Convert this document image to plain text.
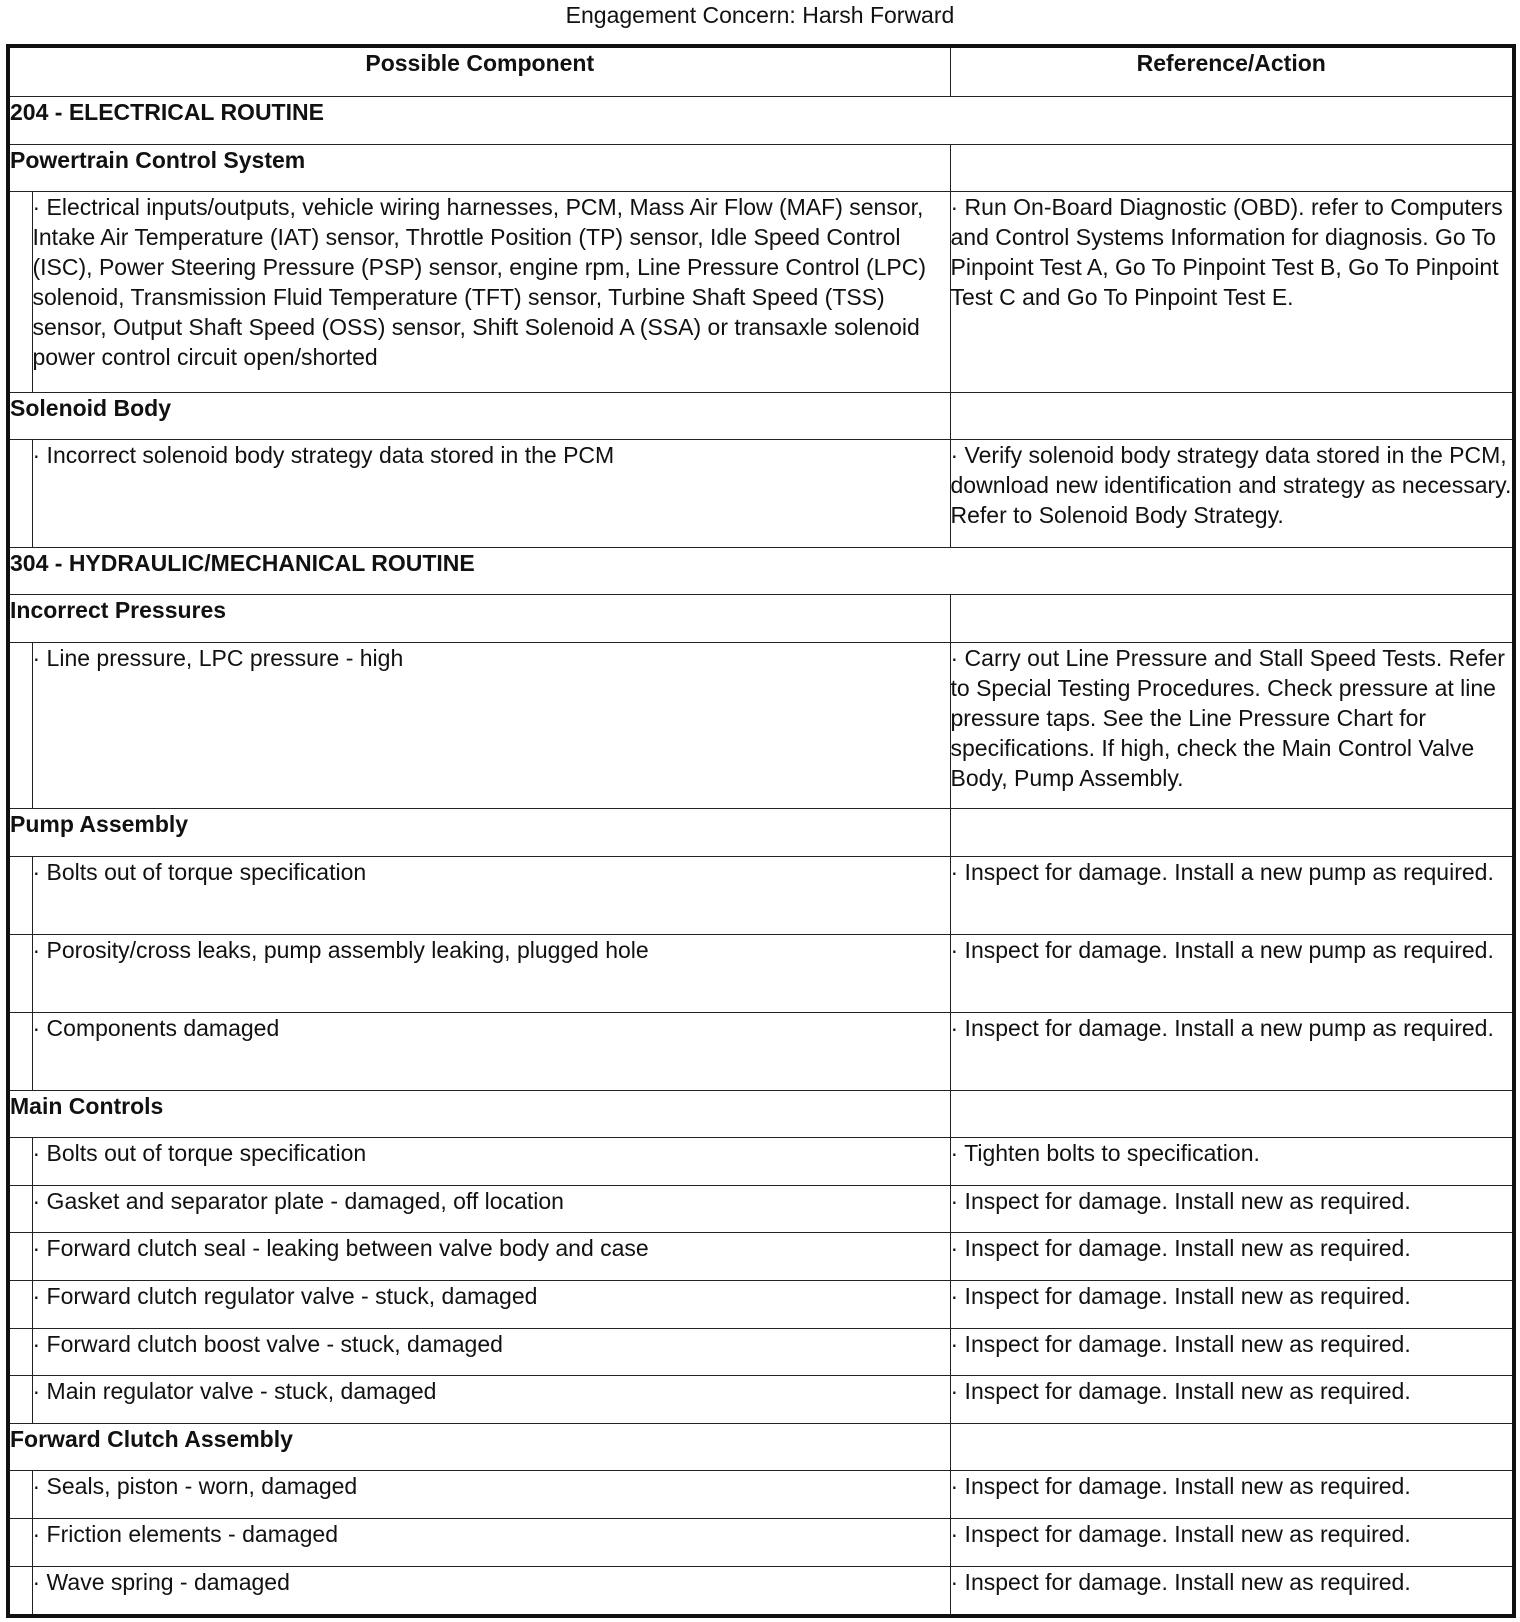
Engagement Concern: Harsh Forward
Possible Component		Reference/Action
204 - ELECTRICAL ROUTINE		
Powertrain Control System		
	· Electrical inputs/outputs, vehicle wiring harnesses, PCM, Mass Air Flow (MAF) sensor, Intake Air Temperature (IAT) sensor, Throttle Position (TP) sensor, Idle Speed Control (ISC), Power Steering Pressure (PSP) sensor, engine rpm, Line Pressure Control (LPC) solenoid, Transmission Fluid Temperature (TFT) sensor, Turbine Shaft Speed (TSS) sensor, Output Shaft Speed (OSS) sensor, Shift Solenoid A (SSA) or transaxle solenoid power control circuit open/shorted	· Run On-Board Diagnostic (OBD). refer to Computers and Control Systems Information for diagnosis. Go To Pinpoint Test A, Go To Pinpoint Test B, Go To Pinpoint Test C and Go To Pinpoint Test E.
Solenoid Body		
	· Incorrect solenoid body strategy data stored in the PCM	· Verify solenoid body strategy data stored in the PCM, download new identification and strategy as necessary. Refer to Solenoid Body Strategy.
304 - HYDRAULIC/MECHANICAL ROUTINE		
Incorrect Pressures		
	· Line pressure, LPC pressure - high	· Carry out Line Pressure and Stall Speed Tests. Refer to Special Testing Procedures. Check pressure at line pressure taps. See the Line Pressure Chart for specifications. If high, check the Main Control Valve Body, Pump Assembly.
Pump Assembly		
	· Bolts out of torque specification	· Inspect for damage. Install a new pump as required.
	· Porosity/cross leaks, pump assembly leaking, plugged hole	· Inspect for damage. Install a new pump as required.
	· Components damaged	· Inspect for damage. Install a new pump as required.
Main Controls		
	· Bolts out of torque specification	· Tighten bolts to specification.
	· Gasket and separator plate - damaged, off location	· Inspect for damage. Install new as required.
	· Forward clutch seal - leaking between valve body and case	· Inspect for damage. Install new as required.
	· Forward clutch regulator valve - stuck, damaged	· Inspect for damage. Install new as required.
	· Forward clutch boost valve - stuck, damaged	· Inspect for damage. Install new as required.
	· Main regulator valve - stuck, damaged	· Inspect for damage. Install new as required.
Forward Clutch Assembly		
	· Seals, piston - worn, damaged	· Inspect for damage. Install new as required.
	· Friction elements - damaged	· Inspect for damage. Install new as required.
	· Wave spring - damaged	· Inspect for damage. Install new as required.
